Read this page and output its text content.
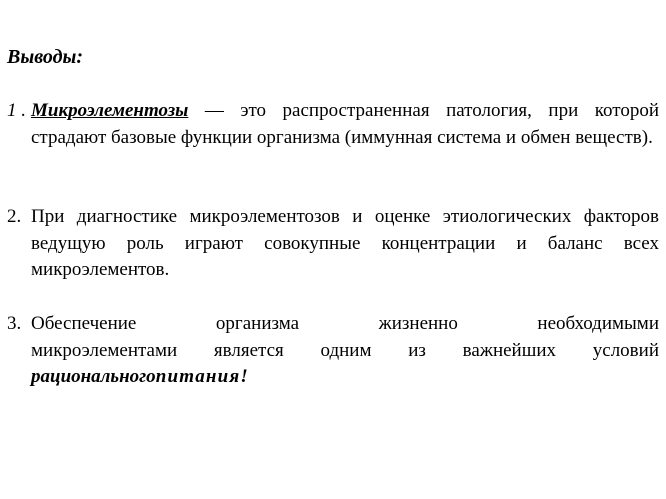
Выводы:
1 . Микроэлементозы — это распространенная патология, при которой страдают базовые функции организма (иммунная система и обмен веществ).
2. При диагностике микроэлементозов и оценке этиологических факторов ведущую роль играют совокупные концентрации и баланс всех микроэлементов.
3. Обеспечение организма жизненно необходимыми
микроэлементами является одним из важнейших условий
рациональногопитания!
